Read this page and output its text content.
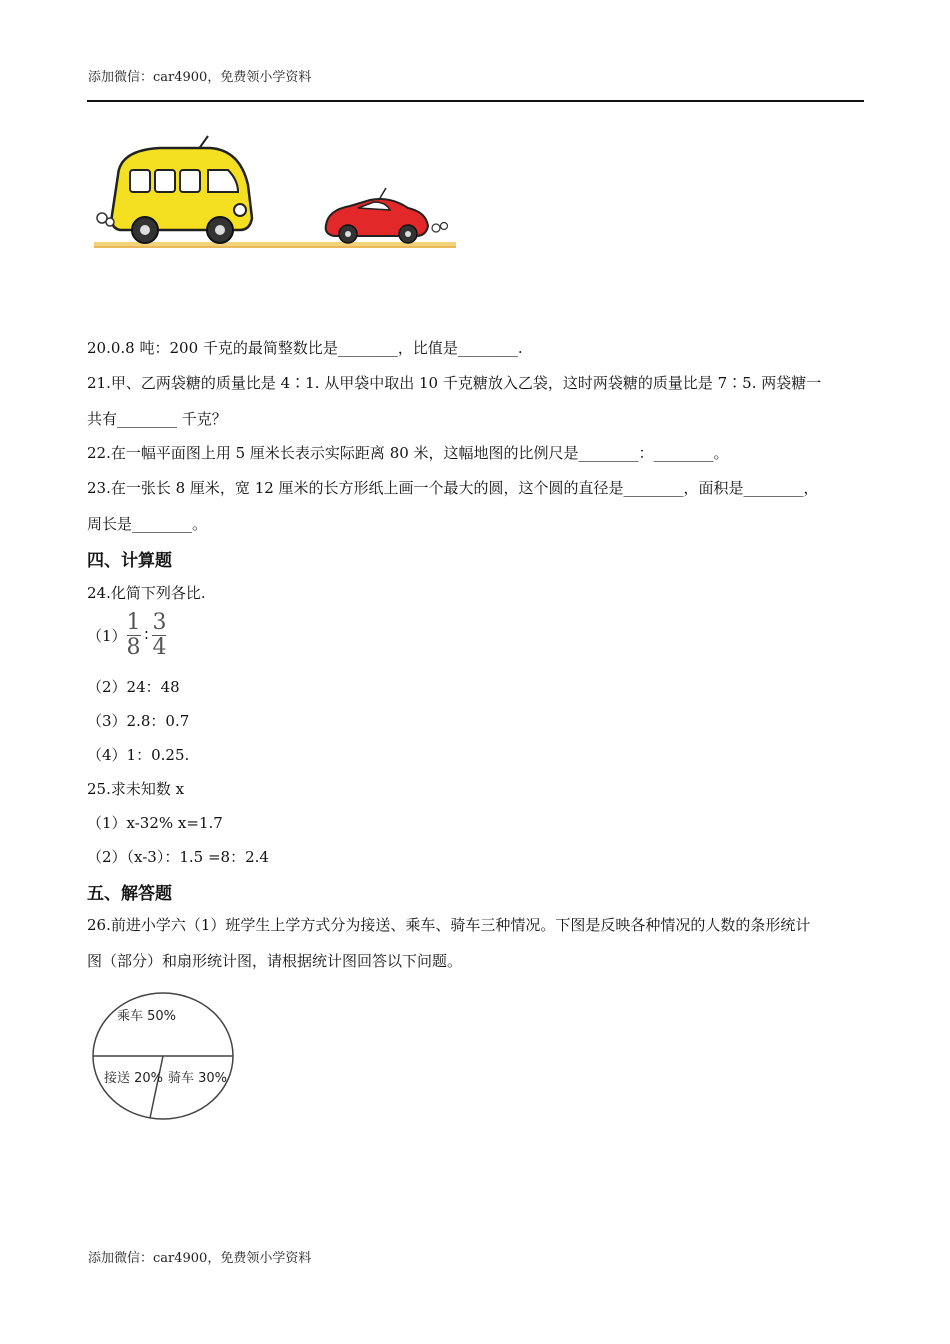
添加微信：car4900，免费领小学资料
20.0.8 吨：200 千克的最简整数比是________，比值是________.
21.甲、乙两袋糖的质量比是 4∶1. 从甲袋中取出 10 千克糖放入乙袋，这时两袋糖的质量比是 7∶5. 两袋糖一
共有________ 千克？
22.在一幅平面图上用 5 厘米长表示实际距离 80 米，这幅地图的比例尺是________：________。
23.在一张长 8 厘米，宽 12 厘米的长方形纸上画一个最大的圆，这个圆的直径是________，面积是________，
周长是________。
四、计算题
24.化简下列各比.
$(1) \frac{1}{8}$ ∶ $\frac{3}{4}$
（2）24：48
（3）2.8：0.7
（4）1：0.25.
25.求未知数 x
（1）x-32% x=1.7
（2）（x-3）：1.5 =8：2.4
五、解答题
26.前进小学六（1）班学生上学方式分为接送、乘车、骑车三种情况。下图是反映各种情况的人数的条形统计
图（部分）和扇形统计图，请根据统计图回答以下问题。
乘车 50%
接送 20% 骑车 30%
添加微信：car4900，免费领小学资料
